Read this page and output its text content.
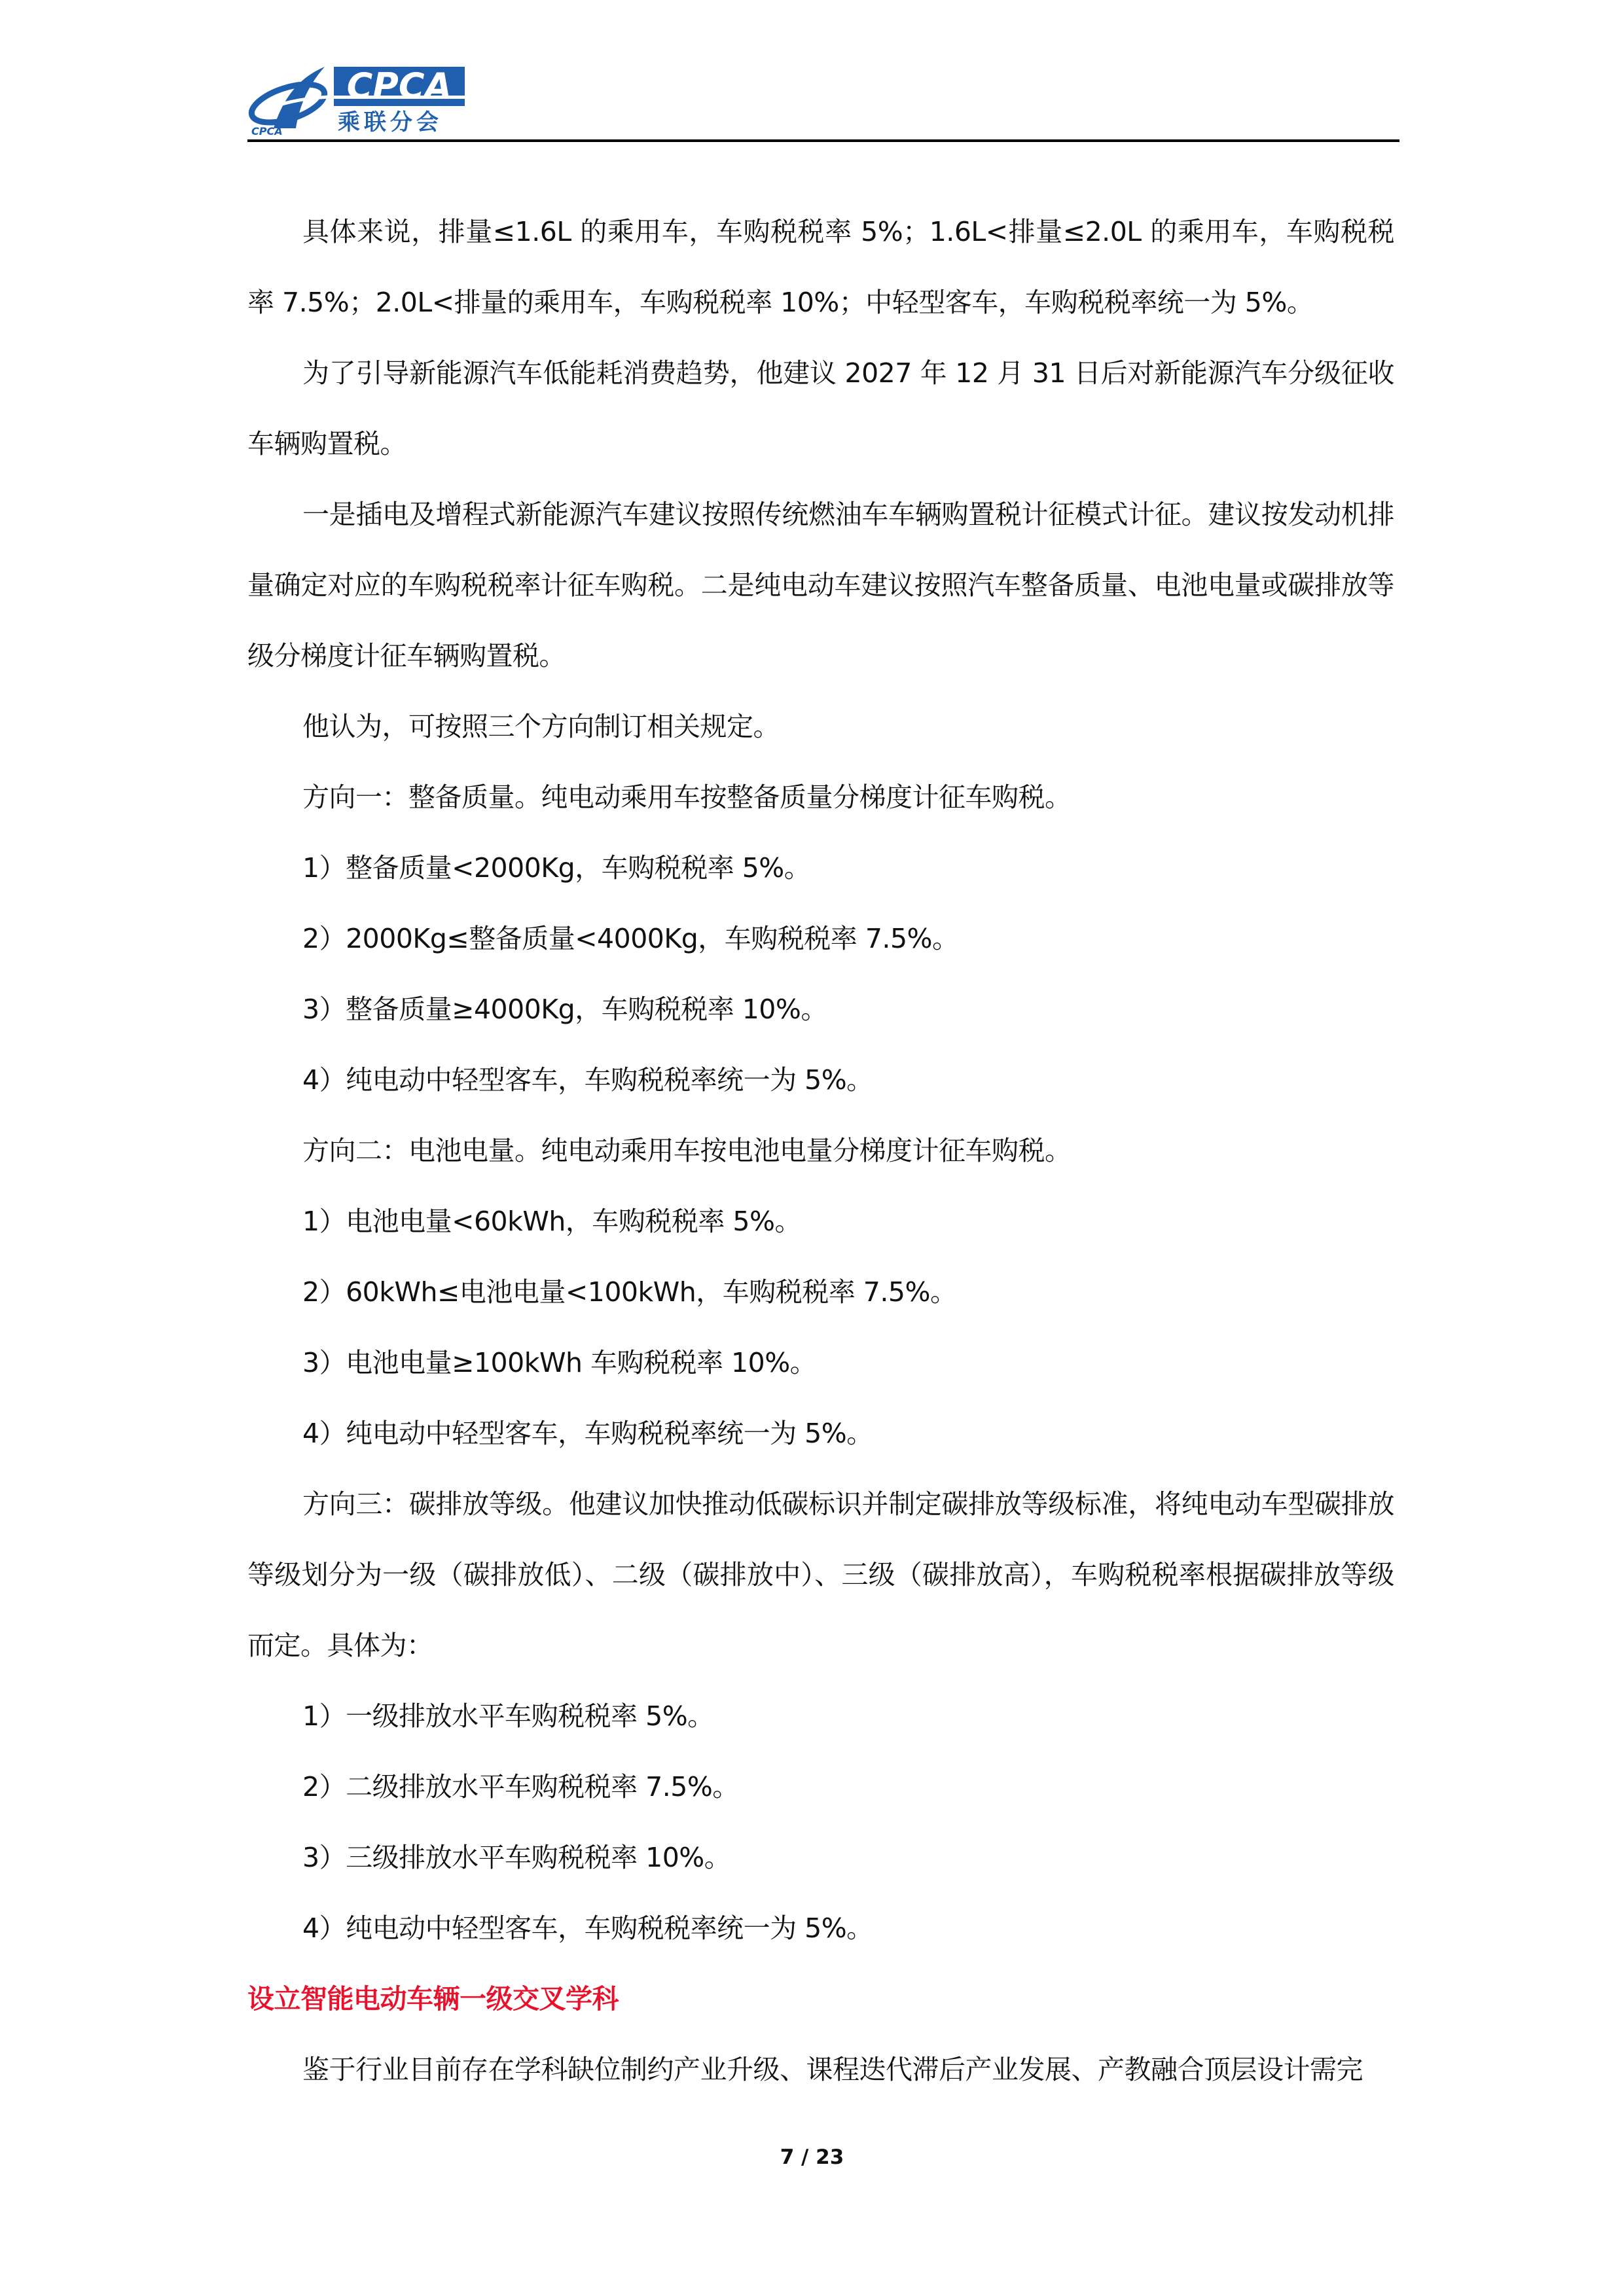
CPCA
CPCA
乘联分会

具体来说，排量≤1.6L 的乘用车，车购税税率 5%；1.6L<排量≤2.0L 的乘用车，车购税税率 7.5%；2.0L<排量的乘用车，车购税税率 10%；中轻型客车，车购税税率统一为 5%。

为了引导新能源汽车低能耗消费趋势，他建议 2027 年 12 月 31 日后对新能源汽车分级征收车辆购置税。

一是插电及增程式新能源汽车建议按照传统燃油车车辆购置税计征模式计征。建议按发动机排量确定对应的车购税税率计征车购税。二是纯电动车建议按照汽车整备质量、电池电量或碳排放等级分梯度计征车辆购置税。

他认为，可按照三个方向制订相关规定。

方向一：整备质量。纯电动乘用车按整备质量分梯度计征车购税。

1）整备质量<2000Kg，车购税税率 5%。

2）2000Kg≤整备质量<4000Kg，车购税税率 7.5%。

3）整备质量≥4000Kg，车购税税率 10%。

4）纯电动中轻型客车，车购税税率统一为 5%。

方向二：电池电量。纯电动乘用车按电池电量分梯度计征车购税。

1）电池电量<60kWh，车购税税率 5%。

2）60kWh≤电池电量<100kWh，车购税税率 7.5%。

3）电池电量≥100kWh 车购税税率 10%。

4）纯电动中轻型客车，车购税税率统一为 5%。

方向三：碳排放等级。他建议加快推动低碳标识并制定碳排放等级标准，将纯电动车型碳排放等级划分为一级（碳排放低）、二级（碳排放中）、三级（碳排放高），车购税税率根据碳排放等级而定。具体为：

1）一级排放水平车购税税率 5%。

2）二级排放水平车购税税率 7.5%。

3）三级排放水平车购税税率 10%。

4）纯电动中轻型客车，车购税税率统一为 5%。

设立智能电动车辆一级交叉学科

鉴于行业目前存在学科缺位制约产业升级、课程迭代滞后产业发展、产教融合顶层设计需完

7 / 23
